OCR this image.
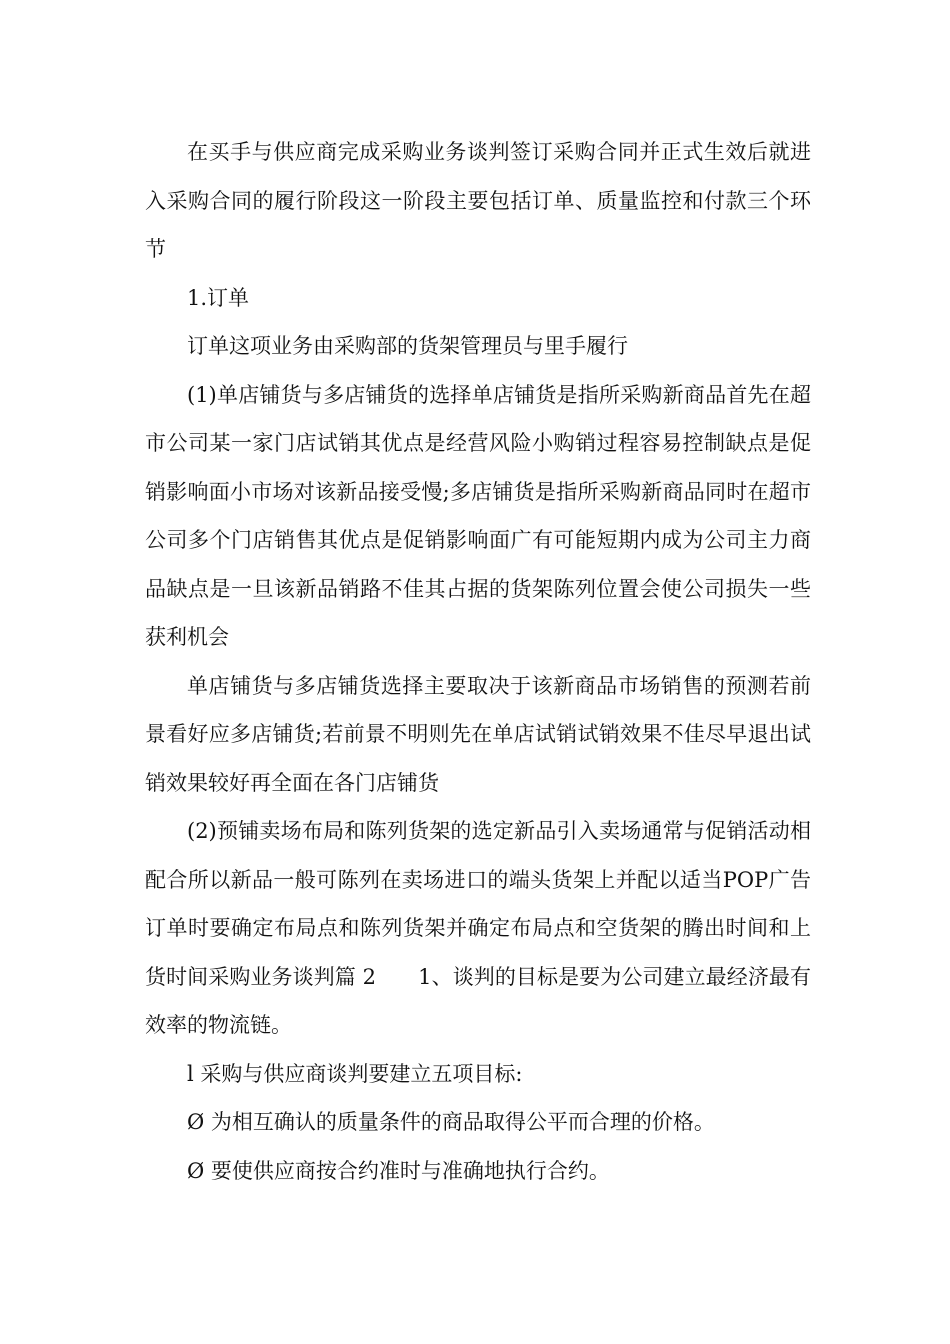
在买手与供应商完成采购业务谈判签订采购合同并正式生效后就进入采购合同的履行阶段这一阶段主要包括订单、质量监控和付款三个环节

1.订单

订单这项业务由采购部的货架管理员与里手履行

(1)单店铺货与多店铺货的选择单店铺货是指所采购新商品首先在超市公司某一家门店试销其优点是经营风险小购销过程容易控制缺点是促销影响面小市场对该新品接受慢;多店铺货是指所采购新商品同时在超市公司多个门店销售其优点是促销影响面广有可能短期内成为公司主力商品缺点是一旦该新品销路不佳其占据的货架陈列位置会使公司损失一些获利机会

单店铺货与多店铺货选择主要取决于该新商品市场销售的预测若前景看好应多店铺货;若前景不明则先在单店试销试销效果不佳尽早退出试销效果较好再全面在各门店铺货

(2)预铺卖场布局和陈列货架的选定新品引入卖场通常与促销活动相配合所以新品一般可陈列在卖场进口的端头货架上并配以适当POP广告订单时要确定布局点和陈列货架并确定布局点和空货架的腾出时间和上货时间采购业务谈判篇 2　　1、谈判的目标是要为公司建立最经济最有效率的物流链。

l 采购与供应商谈判要建立五项目标:

Ø 为相互确认的质量条件的商品取得公平而合理的价格。

Ø 要使供应商按合约准时与准确地执行合约。
